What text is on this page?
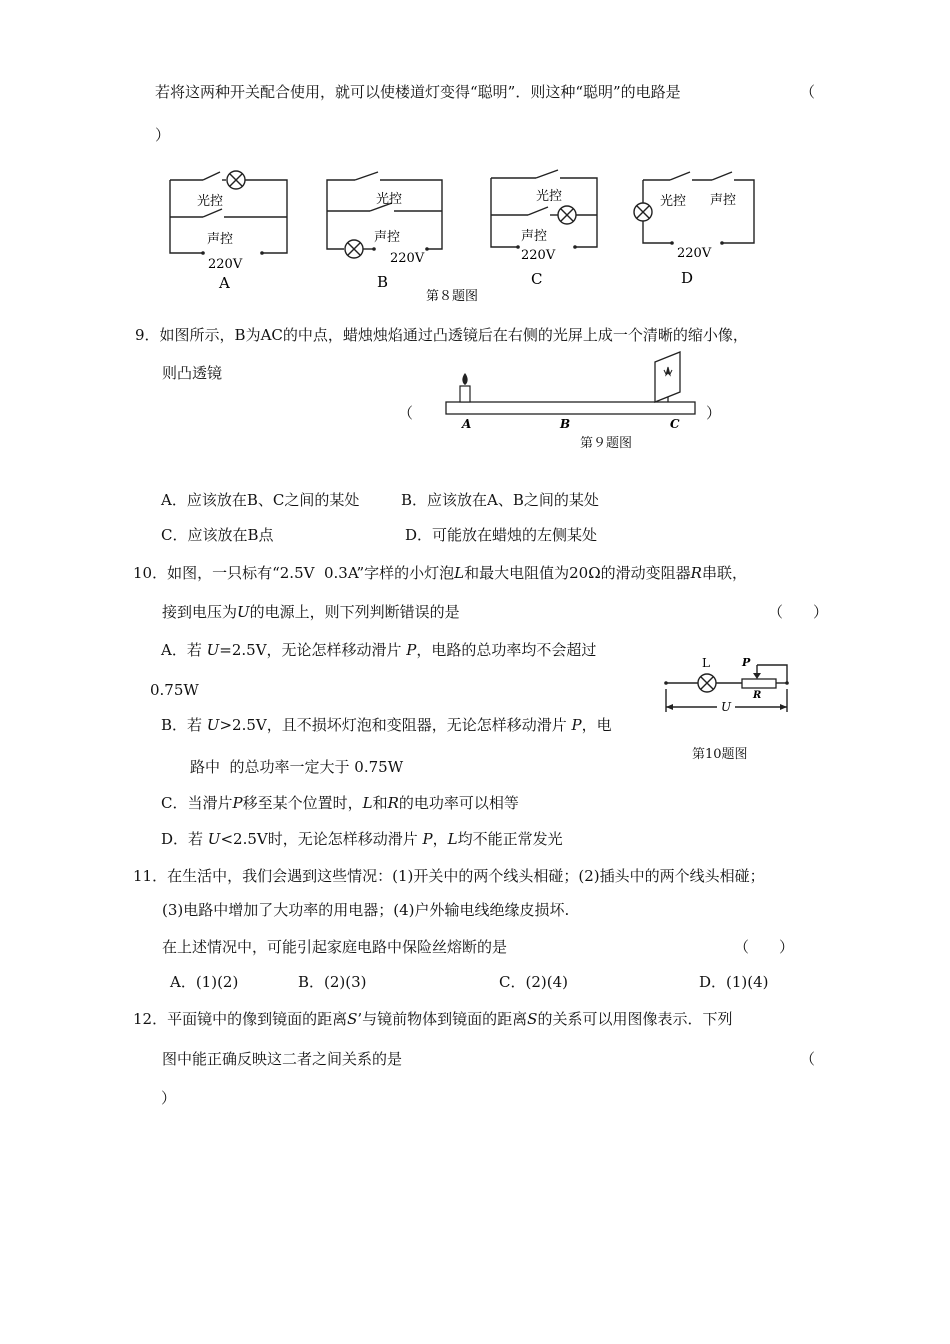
若将这两种开关配合使用，就可以使楼道灯变得“聪明”．则这种“聪明”的电路是	（
）
光控
声控
220V
A
光控
声控
220V
B
光控
声控
220V
C
光控 声控
220V
D
第８题图
A	B	C
L	P
R
U
9．如图所示，B为AC的中点，蜡烛烛焰通过凸透镜后在右侧的光屏上成一个清晰的缩小像，
则凸透镜
（	）
第９题图
A．应该放在B、C之间的某处	B．应该放在A、B之间的某处
C．应该放在B点	D．可能放在蜡烛的左侧某处
10．如图，一只标有“2.5V  0.3A”字样的小灯泡L和最大电阻值为20Ω的滑动变阻器R串联，
接到电压为U的电源上，则下列判断错误的是	（　　）
A．若 U=2.5V，无论怎样移动滑片 P，电路的总功率均不会超过
0.75W
B．若 U>2.5V，且不损坏灯泡和变阻器，无论怎样移动滑片 P，电
路中  的总功率一定大于 0.75W
第10题图
C．当滑片P移至某个位置时，L和R的电功率可以相等
D．若 U<2.5V时，无论怎样移动滑片 P，L均不能正常发光
11．在生活中，我们会遇到这些情况：(1)开关中的两个线头相碰；(2)插头中的两个线头相碰；
(3)电路中增加了大功率的用电器；(4)户外输电线绝缘皮损坏.
在上述情况中，可能引起家庭电路中保险丝熔断的是	（　　）
A．(1)(2)	B．(2)(3)	C．(2)(4)	D．(1)(4)
12．平面镜中的像到镜面的距离S’与镜前物体到镜面的距离S的关系可以用图像表示．下列
图中能正确反映这二者之间关系的是	（
）
